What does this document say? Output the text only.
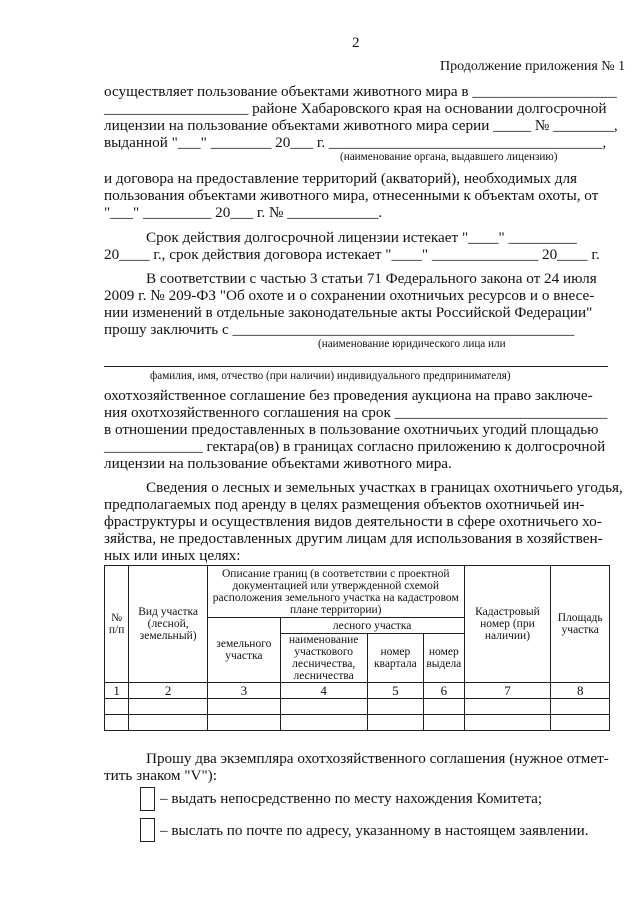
2
Продолжение приложения № 1
осуществляет пользование объектами животного мира в ___________________
___________________ районе Хабаровского края на основании долгосрочной
лицензии на пользование объектами животного мира серии _____ № ________,
выданной "___" ________ 20___ г. ____________________________________,
(наименование органа, выдавшего лицензию)
и договора на предоставление территорий (акваторий), необходимых для
пользования объектами животного мира, отнесенными к объектам охоты, от
"___" _________ 20___ г. № ____________.
Срок действия долгосрочной лицензии истекает "____" _________
20____ г., срок действия договора истекает "____" ______________ 20____ г.
В соответствии с частью 3 статьи 71 Федерального закона от 24 июля
2009 г. № 209-ФЗ "Об охоте и о сохранении охотничьих ресурсов и о внесе-
нии изменений в отдельные законодательные акты Российской Федерации"
прошу заключить с _____________________________________________
(наименование юридического лица или
фамилия, имя, отчество (при наличии) индивидуального предпринимателя)
охотхозяйственное соглашение без проведения аукциона на право заключе-
ния охотхозяйственного соглашения на срок ____________________________
в отношении предоставленных в пользование охотничьих угодий площадью
_____________ гектара(ов) в границах согласно приложению к долгосрочной
лицензии на пользование объектами животного мира.
Сведения о лесных и земельных участках в границах охотничьего угодья,
предполагаемых под аренду в целях размещения объектов охотничьей ин-
фраструктуры и осуществления видов деятельности в сфере охотничьего хо-
зяйства, не предоставленных другим лицам для использования в хозяйствен-
ных или иных целях:
№ п/п	Вид участка (лесной, земельный)	Описание границ (в соответствии с проектной документацией или утвержденной схемой расположения земельного участка на кадастровом плане территории)				Кадастровый номер (при наличии)	Площадь участка
		земельного участка	лесного участка				
			наименование участкового лесничества, лесничества	номер квартала	номер выдела		
1	2	3	4	5	6	7	8

Прошу два экземпляра охотхозяйственного соглашения (нужное отмет-
тить знаком "V"):
– выдать непосредственно по месту нахождения Комитета;
– выслать по почте по адресу, указанному в настоящем заявлении.
